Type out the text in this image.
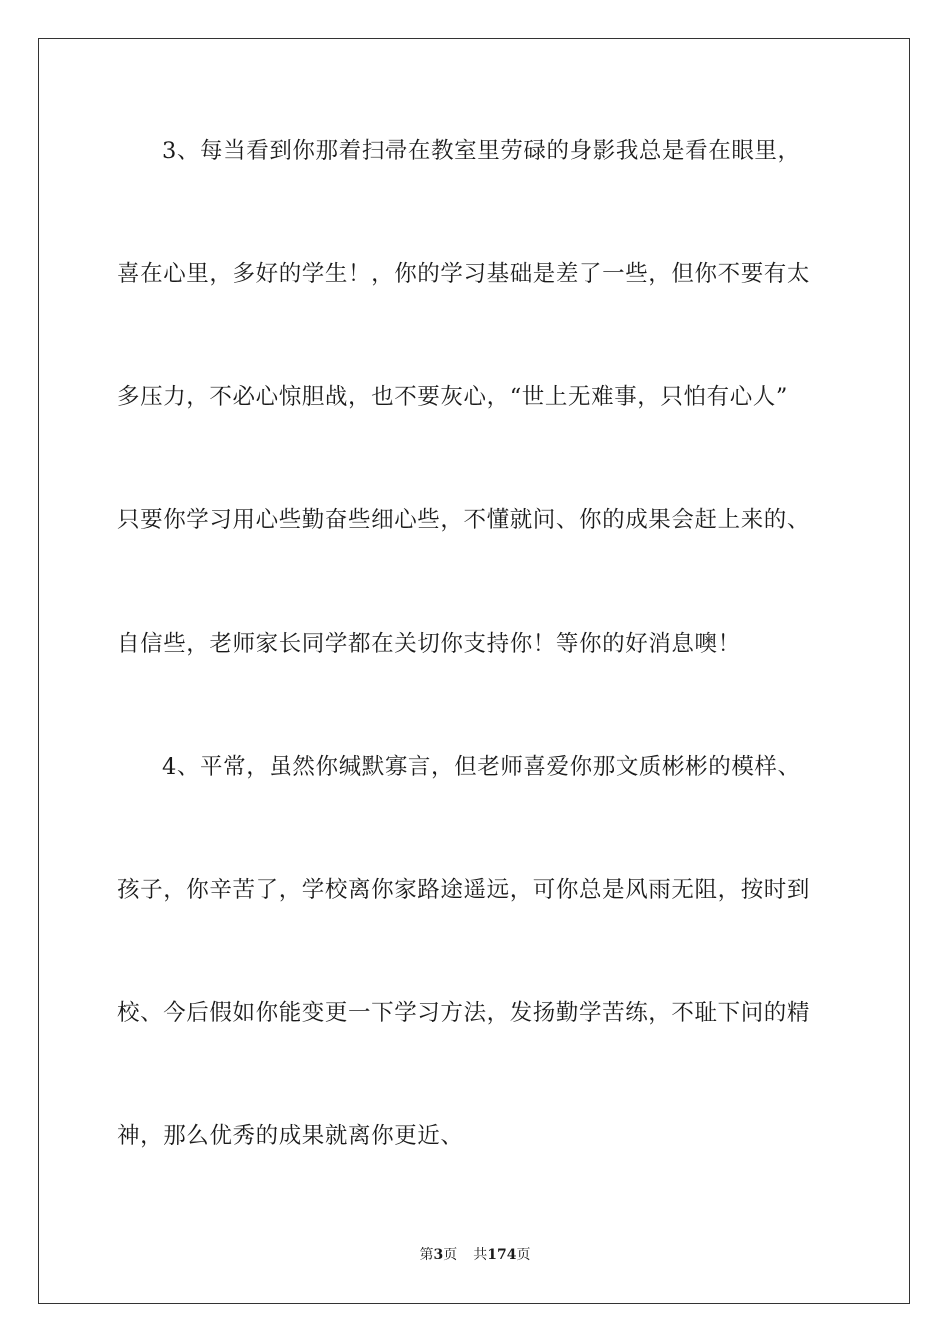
3、每当看到你那着扫帚在教室里劳碌的身影我总是看在眼里，
喜在心里，多好的学生！，你的学习基础是差了一些，但你不要有太
多压力，不必心惊胆战，也不要灰心，“世上无难事，只怕有心人”
只要你学习用心些勤奋些细心些，不懂就问、你的成果会赶上来的、
自信些，老师家长同学都在关切你支持你！等你的好消息噢！
4、平常，虽然你缄默寡言，但老师喜爱你那文质彬彬的模样、
孩子，你辛苦了，学校离你家路途遥远，可你总是风雨无阻，按时到
校、今后假如你能变更一下学习方法，发扬勤学苦练，不耻下问的精
神，那么优秀的成果就离你更近、
第3页 共174页
